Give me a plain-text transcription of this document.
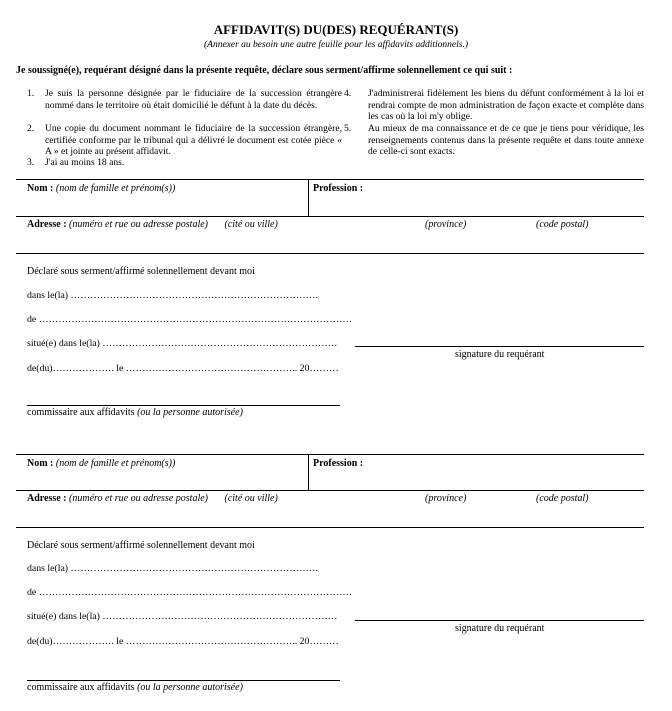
AFFIDAVIT(S) DU(DES) REQUÉRANT(S)
(Annexer au besoin une autre feuille pour les affidavits additionnels.)
Je soussigné(e), requérant désigné dans la présente requête, déclare sous serment/affirme solennellement ce qui suit :
1. Je suis la personne désignée par le fiduciaire de la succession étrangère nommé dans le territoire où était domicilié le défunt à la date du décès.
2. Une copie du document nommant le fiduciaire de la succession étrangère, certifiée conforme par le tribunal qui a délivré le document est cotée pièce « A » et jointe au présent affidavit.
3. J'ai au moins 18 ans.
4. J'administrerai fidèlement les biens du défunt conformément à la loi et rendrai compte de mon administration de façon exacte et complète dans les cas où la loi m'y oblige.
5. Au mieux de ma connaissance et de ce que je tiens pour véridique, les renseignements contenus dans la présente requête et dans toute annexe de celle-ci sont exacts.
Nom : (nom de famille et prénom(s))	Profession :
Adresse : (numéro et rue ou adresse postale) (cité ou ville)	(province)	(code postal)
Déclaré sous serment/affirmé solennellement devant moi
dans le(la) ………………………………………………………………….
de ……………………………………………………………………………………
situé(e) dans le(la) ………………………………………………………………
signature du requérant
de(du)………………. le …………………………………………….. 20………
commissaire aux affidavits (ou la personne autorisée)
Nom : (nom de famille et prénom(s))	Profession :
Adresse : (numéro et rue ou adresse postale) (cité ou ville)	(province)	(code postal)
Déclaré sous serment/affirmé solennellement devant moi
dans le(la) ………………………………………………………………….
de ……………………………………………………………………………………
situé(e) dans le(la) ………………………………………………………………
signature du requérant
de(du)………………. le …………………………………………….. 20………
commissaire aux affidavits (ou la personne autorisée)
